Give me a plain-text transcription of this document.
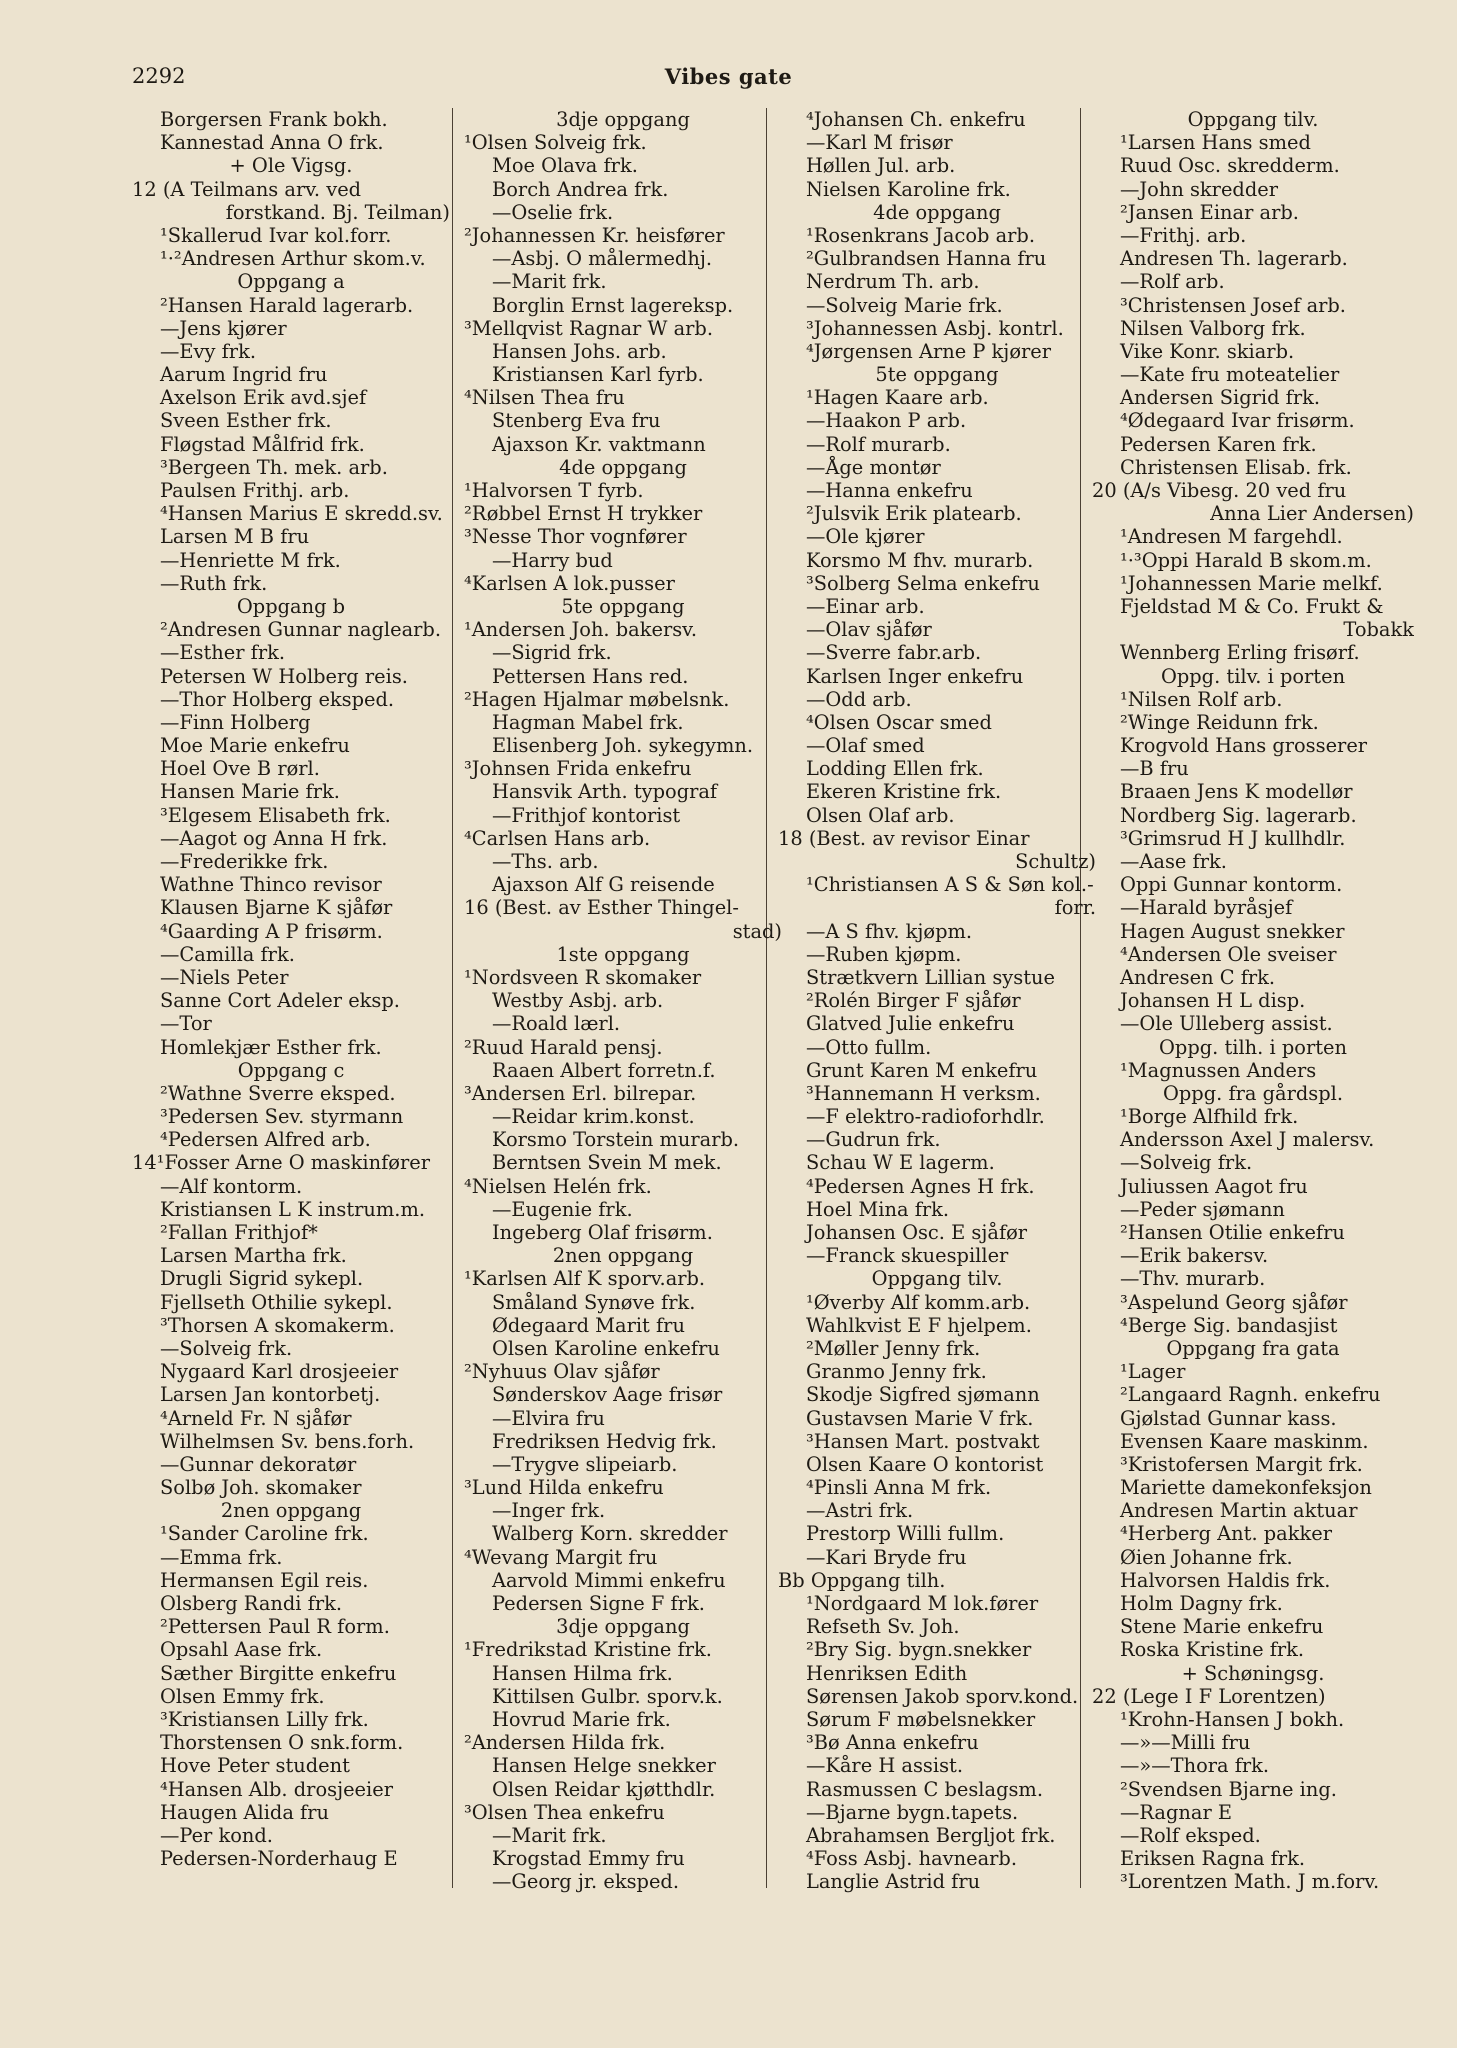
2292	Vibes gate
Borgersen Frank bokh.
Kannestad Anna O frk.
+ Ole Vigsg.
12 (A Teilmans arv. ved
forstkand. Bj. Teilman)
¹Skallerud Ivar kol.forr.
¹·²Andresen Arthur skom.v.
Oppgang a
²Hansen Harald lagerarb.
—Jens kjører
—Evy frk.
Aarum Ingrid fru
Axelson Erik avd.sjef
Sveen Esther frk.
Fløgstad Målfrid frk.
³Bergeen Th. mek. arb.
Paulsen Frithj. arb.
⁴Hansen Marius E skredd.sv.
Larsen M B fru
—Henriette M frk.
—Ruth frk.
Oppgang b
²Andresen Gunnar naglearb.
—Esther frk.
Petersen W Holberg reis.
—Thor Holberg eksped.
—Finn Holberg
Moe Marie enkefru
Hoel Ove B rørl.
Hansen Marie frk.
³Elgesem Elisabeth frk.
—Aagot og Anna H frk.
—Frederikke frk.
Wathne Thinco revisor
Klausen Bjarne K sjåfør
⁴Gaarding A P frisørm.
—Camilla frk.
—Niels Peter
Sanne Cort Adeler eksp.
—Tor
Homlekjær Esther frk.
Oppgang c
²Wathne Sverre eksped.
³Pedersen Sev. styrmann
⁴Pedersen Alfred arb.
14¹Fosser Arne O maskinfører
—Alf kontorm.
Kristiansen L K instrum.m.
²Fallan Frithjof*
Larsen Martha frk.
Drugli Sigrid sykepl.
Fjellseth Othilie sykepl.
³Thorsen A skomakerm.
—Solveig frk.
Nygaard Karl drosjeeier
Larsen Jan kontorbetj.
⁴Arneld Fr. N sjåfør
Wilhelmsen Sv. bens.forh.
—Gunnar dekoratør
Solbø Joh. skomaker
2nen oppgang
¹Sander Caroline frk.
—Emma frk.
Hermansen Egil reis.
Olsberg Randi frk.
²Pettersen Paul R form.
Opsahl Aase frk.
Sæther Birgitte enkefru
Olsen Emmy frk.
³Kristiansen Lilly frk.
Thorstensen O snk.form.
Hove Peter student
⁴Hansen Alb. drosjeeier
Haugen Alida fru
—Per kond.
Pedersen-Norderhaug E
3dje oppgang
¹Olsen Solveig frk.
Moe Olava frk.
Borch Andrea frk.
—Oselie frk.
²Johannessen Kr. heisfører
—Asbj. O målermedhj.
—Marit frk.
Borglin Ernst lagereksp.
³Mellqvist Ragnar W arb.
Hansen Johs. arb.
Kristiansen Karl fyrb.
⁴Nilsen Thea fru
Stenberg Eva fru
Ajaxson Kr. vaktmann
4de oppgang
¹Halvorsen T fyrb.
²Røbbel Ernst H trykker
³Nesse Thor vognfører
—Harry bud
⁴Karlsen A lok.pusser
5te oppgang
¹Andersen Joh. bakersv.
—Sigrid frk.
Pettersen Hans red.
²Hagen Hjalmar møbelsnk.
Hagman Mabel frk.
Elisenberg Joh. sykegymn.
³Johnsen Frida enkefru
Hansvik Arth. typograf
—Frithjof kontorist
⁴Carlsen Hans arb.
—Ths. arb.
Ajaxson Alf G reisende
16 (Best. av Esther Thingel-
stad)
1ste oppgang
¹Nordsveen R skomaker
Westby Asbj. arb.
—Roald lærl.
²Ruud Harald pensj.
Raaen Albert forretn.f.
³Andersen Erl. bilrepar.
—Reidar krim.konst.
Korsmo Torstein murarb.
Berntsen Svein M mek.
⁴Nielsen Helén frk.
—Eugenie frk.
Ingeberg Olaf frisørm.
2nen oppgang
¹Karlsen Alf K sporv.arb.
Småland Synøve frk.
Ødegaard Marit fru
Olsen Karoline enkefru
²Nyhuus Olav sjåfør
Sønderskov Aage frisør
—Elvira fru
Fredriksen Hedvig frk.
—Trygve slipeiarb.
³Lund Hilda enkefru
—Inger frk.
Walberg Korn. skredder
⁴Wevang Margit fru
Aarvold Mimmi enkefru
Pedersen Signe F frk.
3dje oppgang
¹Fredrikstad Kristine frk.
Hansen Hilma frk.
Kittilsen Gulbr. sporv.k.
Hovrud Marie frk.
²Andersen Hilda frk.
Hansen Helge snekker
Olsen Reidar kjøtthdlr.
³Olsen Thea enkefru
—Marit frk.
Krogstad Emmy fru
—Georg jr. eksped.
⁴Johansen Ch. enkefru
—Karl M frisør
Høllen Jul. arb.
Nielsen Karoline frk.
4de oppgang
¹Rosenkrans Jacob arb.
²Gulbrandsen Hanna fru
Nerdrum Th. arb.
—Solveig Marie frk.
³Johannessen Asbj. kontrl.
⁴Jørgensen Arne P kjører
5te oppgang
¹Hagen Kaare arb.
—Haakon P arb.
—Rolf murarb.
—Åge montør
—Hanna enkefru
²Julsvik Erik platearb.
—Ole kjører
Korsmo M fhv. murarb.
³Solberg Selma enkefru
—Einar arb.
—Olav sjåfør
—Sverre fabr.arb.
Karlsen Inger enkefru
—Odd arb.
⁴Olsen Oscar smed
—Olaf smed
Lodding Ellen frk.
Ekeren Kristine frk.
Olsen Olaf arb.
18 (Best. av revisor Einar
Schultz)
¹Christiansen A S & Søn kol.-
forr.
—A S fhv. kjøpm.
—Ruben kjøpm.
Strætkvern Lillian systue
²Rolén Birger F sjåfør
Glatved Julie enkefru
—Otto fullm.
Grunt Karen M enkefru
³Hannemann H verksm.
—F elektro-radioforhdlr.
—Gudrun frk.
Schau W E lagerm.
⁴Pedersen Agnes H frk.
Hoel Mina frk.
Johansen Osc. E sjåfør
—Franck skuespiller
Oppgang tilv.
¹Øverby Alf komm.arb.
Wahlkvist E F hjelpem.
²Møller Jenny frk.
Granmo Jenny frk.
Skodje Sigfred sjømann
Gustavsen Marie V frk.
³Hansen Mart. postvakt
Olsen Kaare O kontorist
⁴Pinsli Anna M frk.
—Astri frk.
Prestorp Willi fullm.
—Kari Bryde fru
Bb Oppgang tilh.
¹Nordgaard M lok.fører
Refseth Sv. Joh.
²Bry Sig. bygn.snekker
Henriksen Edith
Sørensen Jakob sporv.kond.
Sørum F møbelsnekker
³Bø Anna enkefru
—Kåre H assist.
Rasmussen C beslagsm.
—Bjarne bygn.tapets.
Abrahamsen Bergljot frk.
⁴Foss Asbj. havnearb.
Langlie Astrid fru
Oppgang tilv.
¹Larsen Hans smed
Ruud Osc. skredderm.
—John skredder
²Jansen Einar arb.
—Frithj. arb.
Andresen Th. lagerarb.
—Rolf arb.
³Christensen Josef arb.
Nilsen Valborg frk.
Vike Konr. skiarb.
—Kate fru moteatelier
Andersen Sigrid frk.
⁴Ødegaard Ivar frisørm.
Pedersen Karen frk.
Christensen Elisab. frk.
20 (A/s Vibesg. 20 ved fru
Anna Lier Andersen)
¹Andresen M fargehdl.
¹·³Oppi Harald B skom.m.
¹Johannessen Marie melkf.
Fjeldstad M & Co. Frukt &
Tobakk
Wennberg Erling frisørf.
Oppg. tilv. i porten
¹Nilsen Rolf arb.
²Winge Reidunn frk.
Krogvold Hans grosserer
—B fru
Braaen Jens K modellør
Nordberg Sig. lagerarb.
³Grimsrud H J kullhdlr.
—Aase frk.
Oppi Gunnar kontorm.
—Harald byråsjef
Hagen August snekker
⁴Andersen Ole sveiser
Andresen C frk.
Johansen H L disp.
—Ole Ulleberg assist.
Oppg. tilh. i porten
¹Magnussen Anders
Oppg. fra gårdspl.
¹Borge Alfhild frk.
Andersson Axel J malersv.
—Solveig frk.
Juliussen Aagot fru
—Peder sjømann
²Hansen Otilie enkefru
—Erik bakersv.
—Thv. murarb.
³Aspelund Georg sjåfør
⁴Berge Sig. bandasjist
Oppgang fra gata
¹Lager
²Langaard Ragnh. enkefru
Gjølstad Gunnar kass.
Evensen Kaare maskinm.
³Kristofersen Margit frk.
Mariette damekonfeksjon
Andresen Martin aktuar
⁴Herberg Ant. pakker
Øien Johanne frk.
Halvorsen Haldis frk.
Holm Dagny frk.
Stene Marie enkefru
Roska Kristine frk.
+ Schøningsg.
22 (Lege I F Lorentzen)
¹Krohn-Hansen J bokh.
—»—Milli fru
—»—Thora frk.
²Svendsen Bjarne ing.
—Ragnar E
—Rolf eksped.
Eriksen Ragna frk.
³Lorentzen Math. J m.forv.
